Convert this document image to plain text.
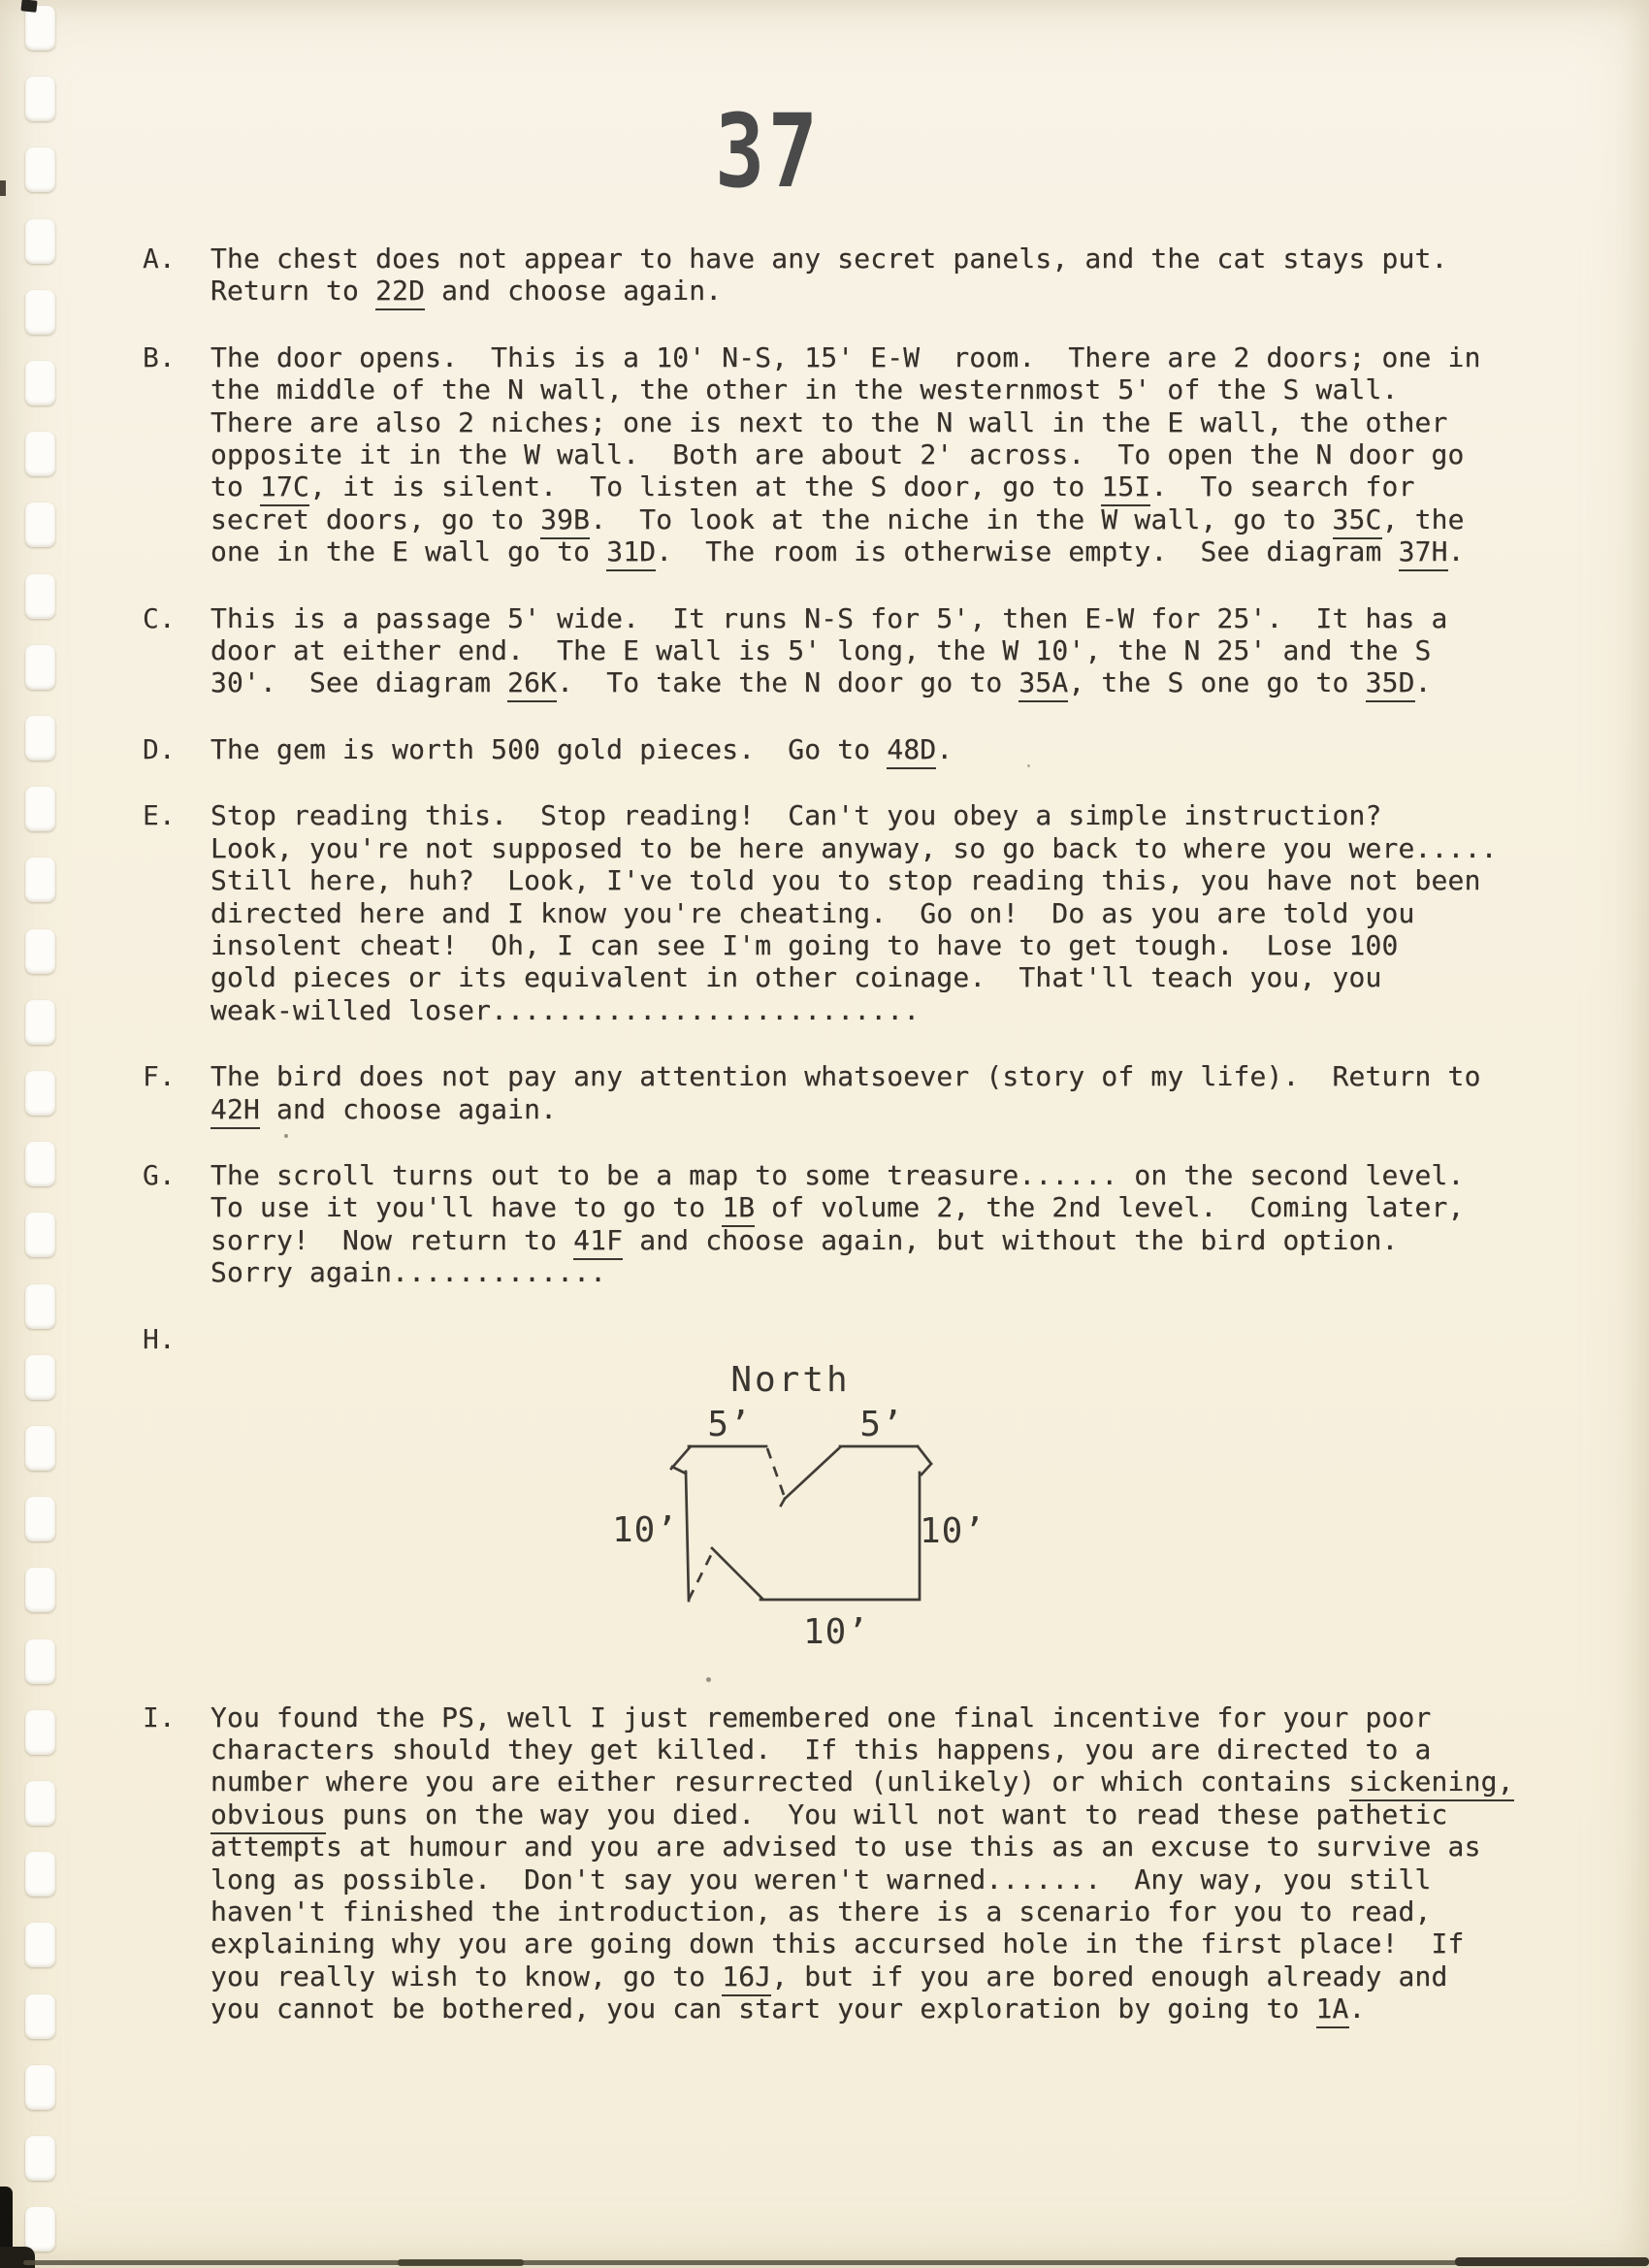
37
A.	The chest does not appear to have any secret panels, and the cat stays put.
Return to 22D and choose again.
B.	The door opens.  This is a 10' N-S, 15' E-W  room.  There are 2 doors; one in
the middle of the N wall, the other in the westernmost 5' of the S wall.
There are also 2 niches; one is next to the N wall in the E wall, the other
opposite it in the W wall.  Both are about 2' across.  To open the N door go
to 17C, it is silent.  To listen at the S door, go to 15I.  To search for
secret doors, go to 39B.  To look at the niche in the W wall, go to 35C, the
one in the E wall go to 31D.  The room is otherwise empty.  See diagram 37H.
C.	This is a passage 5' wide.  It runs N-S for 5', then E-W for 25'.  It has a
door at either end.  The E wall is 5' long, the W 10', the N 25' and the S
30'.  See diagram 26K.  To take the N door go to 35A, the S one go to 35D.
D.	The gem is worth 500 gold pieces.  Go to 48D.
E.	Stop reading this.  Stop reading!  Can't you obey a simple instruction?
Look, you're not supposed to be here anyway, so go back to where you were.....
Still here, huh?  Look, I've told you to stop reading this, you have not been
directed here and I know you're cheating.  Go on!  Do as you are told you
insolent cheat!  Oh, I can see I'm going to have to get tough.  Lose 100
gold pieces or its equivalent in other coinage.  That'll teach you, you
weak-willed loser..........................
F.	The bird does not pay any attention whatsoever (story of my life).  Return to
42H and choose again.
G.	The scroll turns out to be a map to some treasure...... on the second level.
To use it you'll have to go to 1B of volume 2, the 2nd level.  Coming later,
sorry!  Now return to 41F and choose again, but without the bird option.
Sorry again.............
H.
North
5’	5’
10’	10’
10’
I.	You found the PS, well I just remembered one final incentive for your poor
characters should they get killed.  If this happens, you are directed to a
number where you are either resurrected (unlikely) or which contains sickening,
obvious puns on the way you died.  You will not want to read these pathetic
attempts at humour and you are advised to use this as an excuse to survive as
long as possible.  Don't say you weren't warned.......  Any way, you still
haven't finished the introduction, as there is a scenario for you to read,
explaining why you are going down this accursed hole in the first place!  If
you really wish to know, go to 16J, but if you are bored enough already and
you cannot be bothered, you can start your exploration by going to 1A.
